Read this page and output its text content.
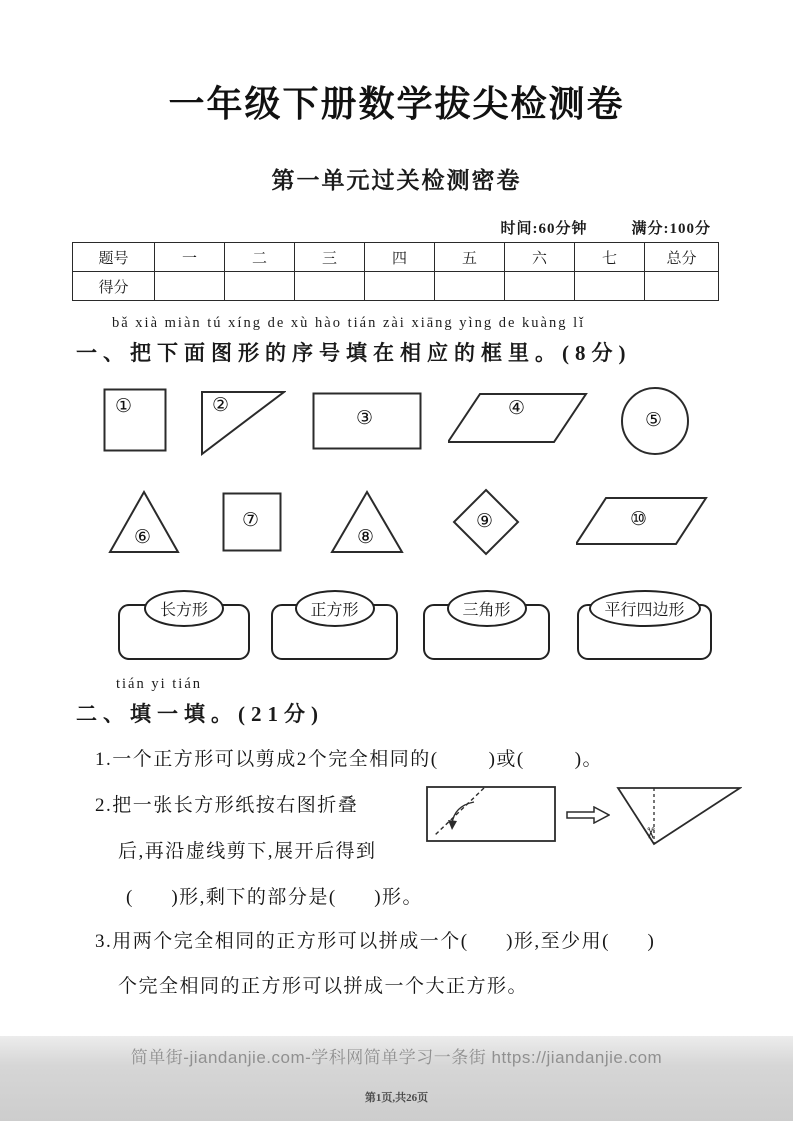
一年级下册数学拔尖检测卷
第一单元过关检测密卷
时间:60分钟	满分:100分
题号	一	二	三	四	五	六	七	总分
得分								
bǎ xià miàn tú xíng de xù hào tián zài xiāng yìng de kuàng lǐ
一、把下面图形的序号填在相应的框里。(8分)
①	②
③	④
⑤
⑥
⑦
⑧
⑨	⑩
长方形	正方形	三角形	平行四边形
tián yi tián
二、填一填。(21分)
1.一个正方形可以剪成2个完全相同的(        )或(        )。
2.把一张长方形纸按右图折叠
后,再沿虚线剪下,展开后得到
(      )形,剩下的部分是(      )形。
✂
3.用两个完全相同的正方形可以拼成一个(      )形,至少用(      )
个完全相同的正方形可以拼成一个大正方形。
简单街-jiandanjie.com-学科网简单学习一条街 https://jiandanjie.com
第1页,共26页
